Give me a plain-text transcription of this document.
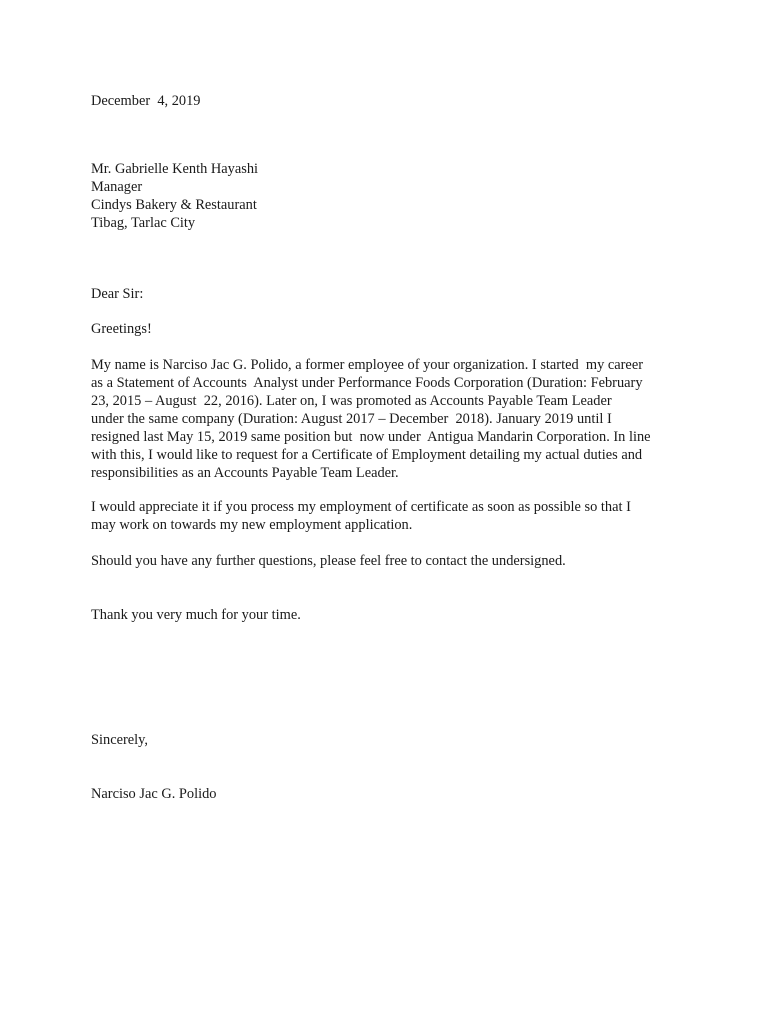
December  4, 2019
Mr. Gabrielle Kenth Hayashi
Manager
Cindys Bakery & Restaurant
Tibag, Tarlac City
Dear Sir:
Greetings!
My name is Narciso Jac G. Polido, a former employee of your organization. I started  my career
as a Statement of Accounts  Analyst under Performance Foods Corporation (Duration: February
23, 2015 – August  22, 2016). Later on, I was promoted as Accounts Payable Team Leader
under the same company (Duration: August 2017 – December  2018). January 2019 until I
resigned last May 15, 2019 same position but  now under  Antigua Mandarin Corporation. In line
with this, I would like to request for a Certificate of Employment detailing my actual duties and
responsibilities as an Accounts Payable Team Leader.
I would appreciate it if you process my employment of certificate as soon as possible so that I
may work on towards my new employment application.
Should you have any further questions, please feel free to contact the undersigned.
Thank you very much for your time.
Sincerely,
Narciso Jac G. Polido
